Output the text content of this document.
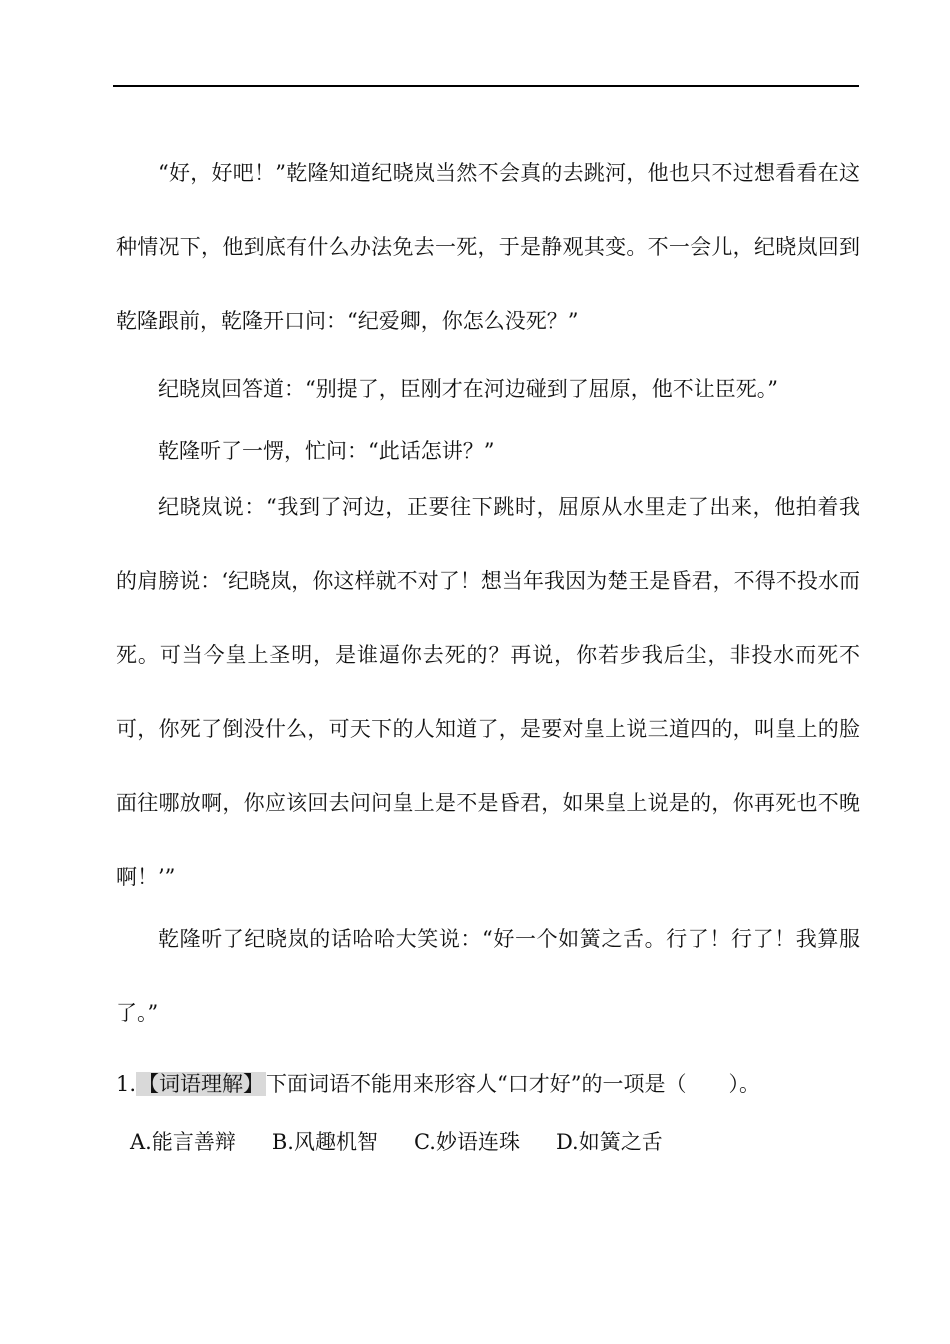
“好，好吧！”乾隆知道纪晓岚当然不会真的去跳河，他也只不过想看看在这种情况下，他到底有什么办法免去一死，于是静观其变。不一会儿，纪晓岚回到乾隆跟前，乾隆开口问：“纪爱卿，你怎么没死？”

纪晓岚回答道：“别提了，臣刚才在河边碰到了屈原，他不让臣死。”

乾隆听了一愣，忙问：“此话怎讲？”

纪晓岚说：“我到了河边，正要往下跳时，屈原从水里走了出来，他拍着我的肩膀说：‘纪晓岚，你这样就不对了！想当年我因为楚王是昏君，不得不投水而死。可当今皇上圣明，是谁逼你去死的？再说，你若步我后尘，非投水而死不可，你死了倒没什么，可天下的人知道了，是要对皇上说三道四的，叫皇上的脸面往哪放啊，你应该回去问问皇上是不是昏君，如果皇上说是的，你再死也不晚啊！’”

乾隆听了纪晓岚的话哈哈大笑说：“好一个如簧之舌。行了！行了！我算服了。”

1.【词语理解】下面词语不能用来形容人“口才好”的一项是（　　）。
A.能言善辩 B.风趣机智 C.妙语连珠 D.如簧之舌
